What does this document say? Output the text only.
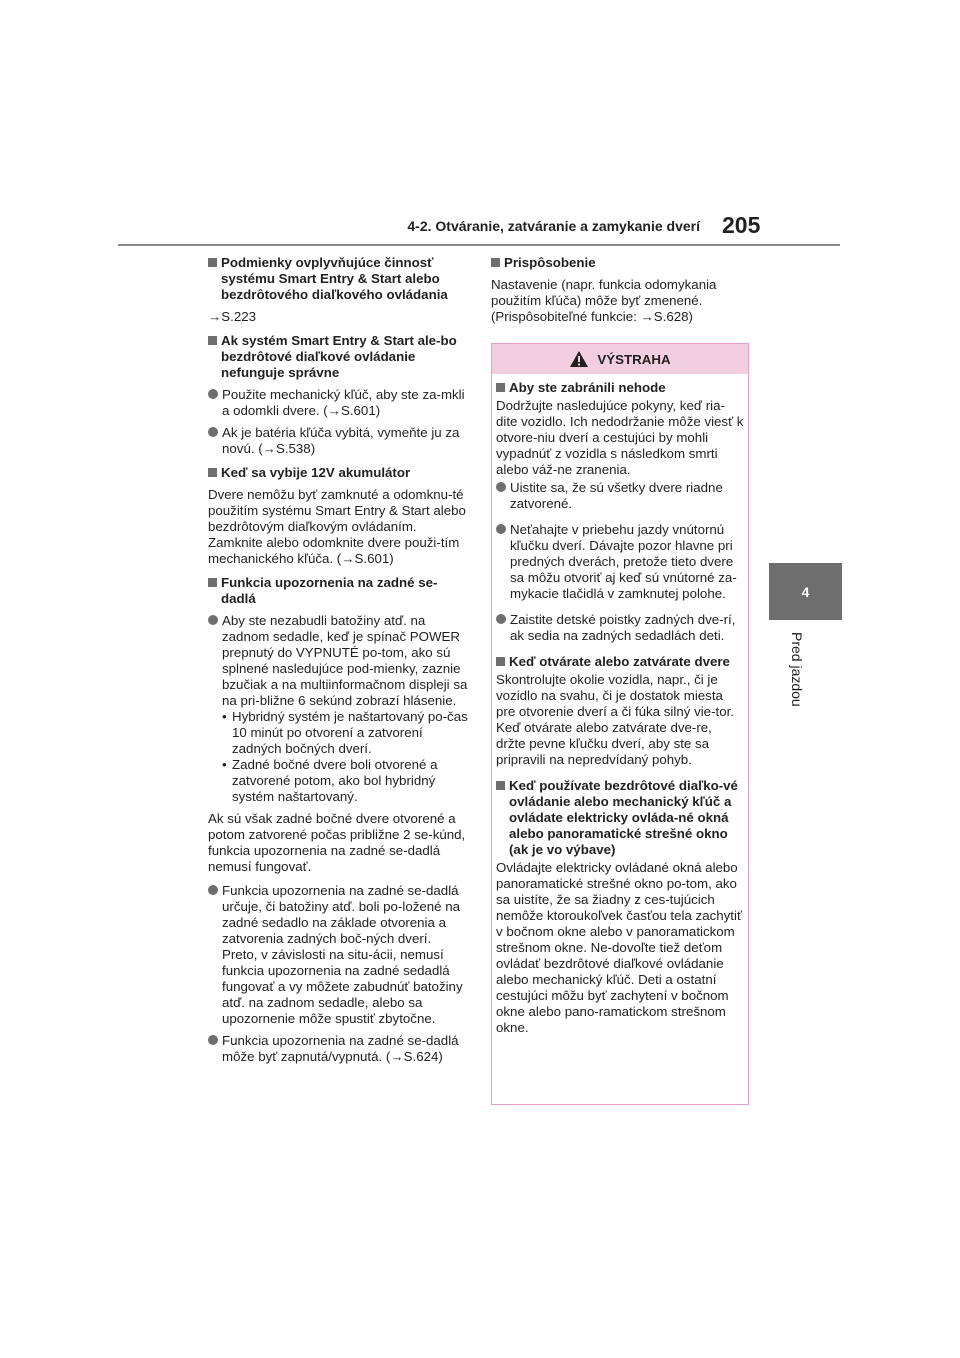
4-2. Otváranie, zatváranie a zamykanie dverí 205
4
Pred jazdou
Podmienky ovplyvňujúce činnosť systému Smart Entry & Start alebo bezdrôtového diaľkového ovládania
→S.223
Ak systém Smart Entry & Start ale-bo bezdrôtové diaľkové ovládanie nefunguje správne
Použite mechanický kľúč, aby ste za-mkli a odomkli dvere. (→S.601)
Ak je batéria kľúča vybitá, vymeňte ju za novú. (→S.538)
Keď sa vybije 12V akumulátor
Dvere nemôžu byť zamknuté a odomknu-té použitím systému Smart Entry & Start alebo bezdrôtovým diaľkovým ovládaním. Zamknite alebo odomknite dvere použi-tím mechanického kľúča. (→S.601)
Funkcia upozornenia na zadné se-dadlá
Aby ste nezabudli batožiny atď. na zadnom sedadle, keď je spínač POWER prepnutý do VYPNUTÉ po-tom, ako sú splnené nasledujúce pod-mienky, zaznie bzučiak a na multiinformačnom displeji sa na pri-bližne 6 sekúnd zobrazí hlásenie.
• Hybridný systém je naštartovaný po-čas 10 minút po otvorení a zatvorení zadných bočných dverí.
• Zadné bočné dvere boli otvorené a zatvorené potom, ako bol hybridný systém naštartovaný.
Ak sú však zadné bočné dvere otvorené a potom zatvorené počas približne 2 se-kúnd, funkcia upozornenia na zadné se-dadlá nemusí fungovať.
Funkcia upozornenia na zadné se-dadlá určuje, či batožiny atď. boli po-ložené na zadné sedadlo na základe otvorenia a zatvorenia zadných boč-ných dverí. Preto, v závislosti na situ-ácii, nemusí funkcia upozornenia na zadné sedadlá fungovať a vy môžete zabudnúť batožiny atď. na zadnom sedadle, alebo sa upozornenie môže spustiť zbytočne.
Funkcia upozornenia na zadné se-dadlá môže byť zapnutá/vypnutá. (→S.624)
Prispôsobenie
Nastavenie (napr. funkcia odomykania použitím kľúča) môže byť zmenené. (Prispôsobiteľné funkcie: →S.628)
VÝSTRAHA
Aby ste zabránili nehode
Dodržujte nasledujúce pokyny, keď ria-dite vozidlo. Ich nedodržanie môže viesť k otvore-niu dverí a cestujúci by mohli vypadnúť z vozidla s následkom smrti alebo váž-ne zranenia.
Uistite sa, že sú všetky dvere riadne zatvorené.
Neťahajte v priebehu jazdy vnútornú kľučku dverí. Dávajte pozor hlavne pri predných dverách, pretože tieto dvere sa môžu otvoriť aj keď sú vnútorné za-mykacie tlačidlá v zamknutej polohe.
Zaistite detské poistky zadných dve-rí, ak sedia na zadných sedadlách deti.
Keď otvárate alebo zatvárate dvere
Skontrolujte okolie vozidla, napr., či je vozidlo na svahu, či je dostatok miesta pre otvorenie dverí a či fúka silný vie-tor. Keď otvárate alebo zatvárate dve-re, držte pevne kľučku dverí, aby ste sa pripravili na nepredvídaný pohyb.
Keď používate bezdrôtové diaľko-vé ovládanie alebo mechanický kľúč a ovládate elektricky ovláda-né okná alebo panoramatické strešné okno (ak je vo výbave)
Ovládajte elektricky ovládané okná alebo panoramatické strešné okno po-tom, ako sa uistíte, že sa žiadny z ces-tujúcich nemôže ktoroukoľvek časťou tela zachytiť v bočnom okne alebo v panoramatickom strešnom okne. Ne-dovoľte tiež deťom ovládať bezdrôtové diaľkové ovládanie alebo mechanický kľúč. Deti a ostatní cestujúci môžu byť zachytení v bočnom okne alebo pano-ramatickom strešnom okne.
